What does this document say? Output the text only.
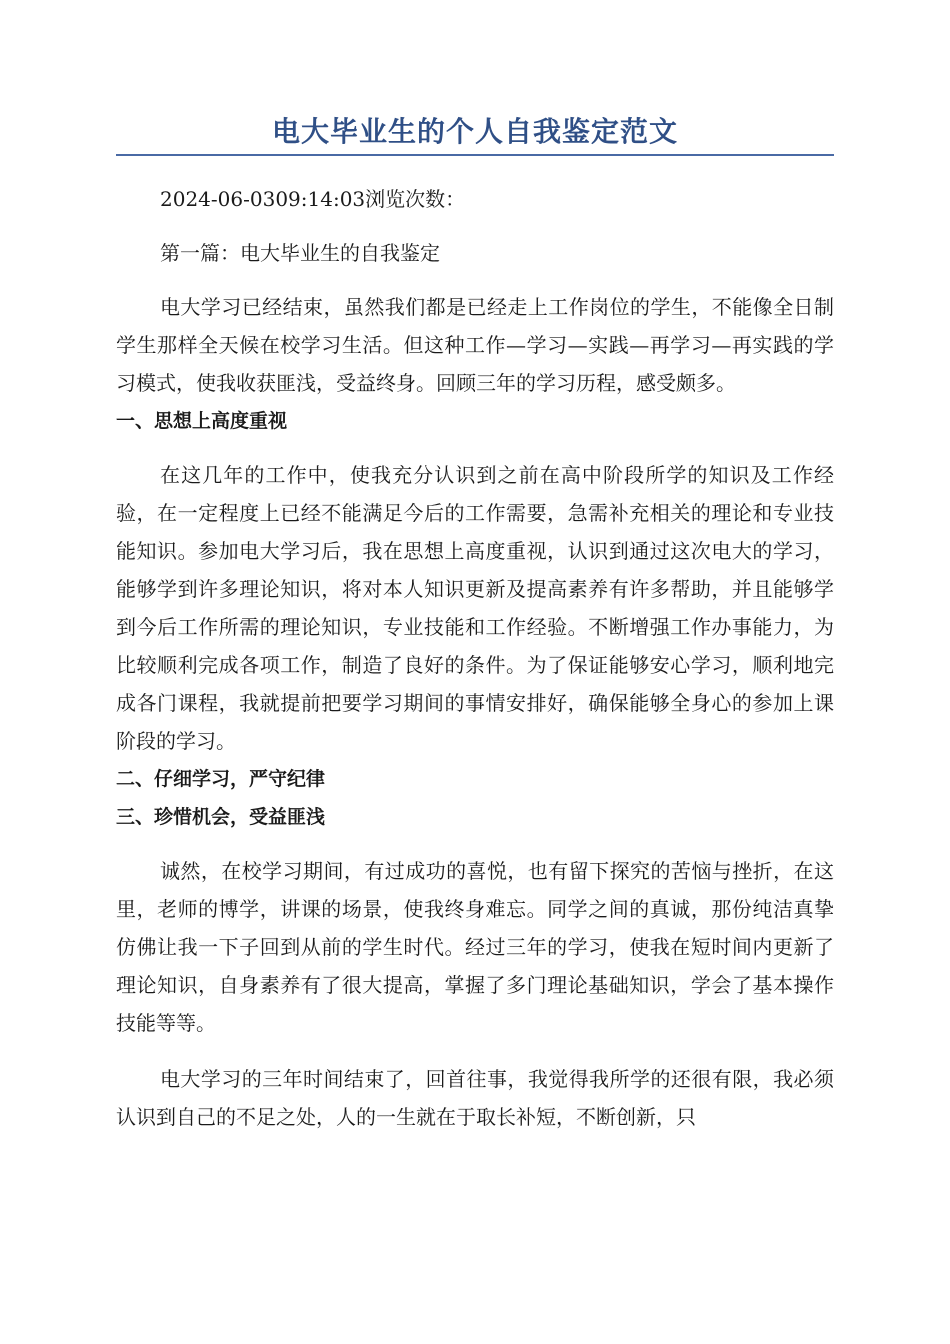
电大毕业生的个人自我鉴定范文
2024-06-0309:14:03浏览次数：
第一篇：电大毕业生的自我鉴定

电大学习已经结束，虽然我们都是已经走上工作岗位的学生，不能像全日制学生那样全天候在校学习生活。但这种工作—学习—实践—再学习—再实践的学习模式，使我收获匪浅，受益终身。回顾三年的学习历程，感受颇多。

一、思想上高度重视

在这几年的工作中，使我充分认识到之前在高中阶段所学的知识及工作经验，在一定程度上已经不能满足今后的工作需要，急需补充相关的理论和专业技能知识。参加电大学习后，我在思想上高度重视，认识到通过这次电大的学习，能够学到许多理论知识，将对本人知识更新及提高素养有许多帮助，并且能够学到今后工作所需的理论知识，专业技能和工作经验。不断增强工作办事能力，为比较顺利完成各项工作，制造了良好的条件。为了保证能够安心学习，顺利地完成各门课程，我就提前把要学习期间的事情安排好，确保能够全身心的参加上课阶段的学习。

二、仔细学习，严守纪律
三、珍惜机会，受益匪浅

诚然，在校学习期间，有过成功的喜悦，也有留下探究的苦恼与挫折，在这里，老师的博学，讲课的场景，使我终身难忘。同学之间的真诚，那份纯洁真挚仿佛让我一下子回到从前的学生时代。经过三年的学习，使我在短时间内更新了理论知识，自身素养有了很大提高，掌握了多门理论基础知识，学会了基本操作技能等等。

电大学习的三年时间结束了，回首往事，我觉得我所学的还很有限，我必须认识到自己的不足之处，人的一生就在于取长补短，不断创新，只
